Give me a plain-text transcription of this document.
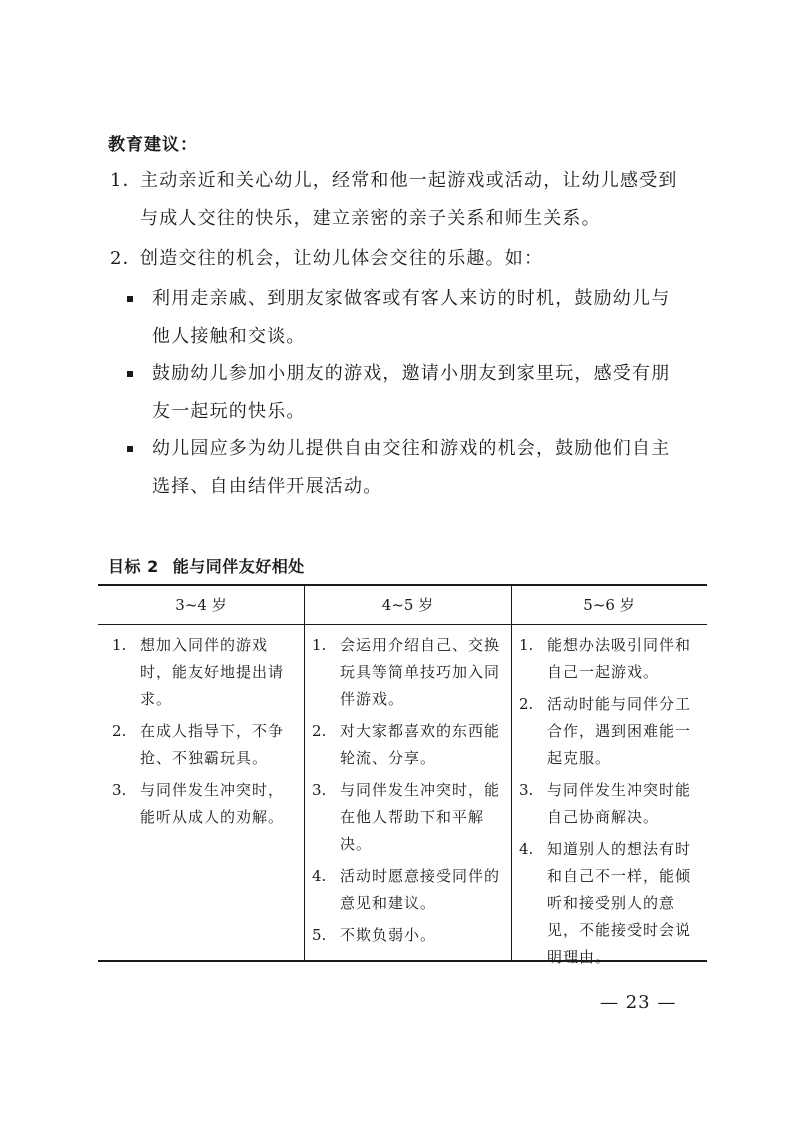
教育建议：
1．主动亲近和关心幼儿，经常和他一起游戏或活动，让幼儿感受到
与成人交往的快乐，建立亲密的亲子关系和师生关系。
2．创造交往的机会，让幼儿体会交往的乐趣。如：
利用走亲戚、到朋友家做客或有客人来访的时机，鼓励幼儿与
他人接触和交谈。
鼓励幼儿参加小朋友的游戏，邀请小朋友到家里玩，感受有朋
友一起玩的快乐。
幼儿园应多为幼儿提供自由交往和游戏的机会，鼓励他们自主
选择、自由结伴开展活动。
目标 2 能与同伴友好相处
3~4 岁	4~5 岁	5~6 岁
1. 想加入同伴的游戏时，能友好地提出请求。
2. 在成人指导下，不争抢、不独霸玩具。
3. 与同伴发生冲突时，能听从成人的劝解。
1. 会运用介绍自己、交换玩具等简单技巧加入同伴游戏。
2. 对大家都喜欢的东西能轮流、分享。
3. 与同伴发生冲突时，能在他人帮助下和平解决。
4. 活动时愿意接受同伴的意见和建议。
5. 不欺负弱小。
1. 能想办法吸引同伴和自己一起游戏。
2. 活动时能与同伴分工合作，遇到困难能一起克服。
3. 与同伴发生冲突时能自己协商解决。
4. 知道别人的想法有时和自己不一样，能倾听和接受别人的意见，不能接受时会说明理由。
— 23 —
